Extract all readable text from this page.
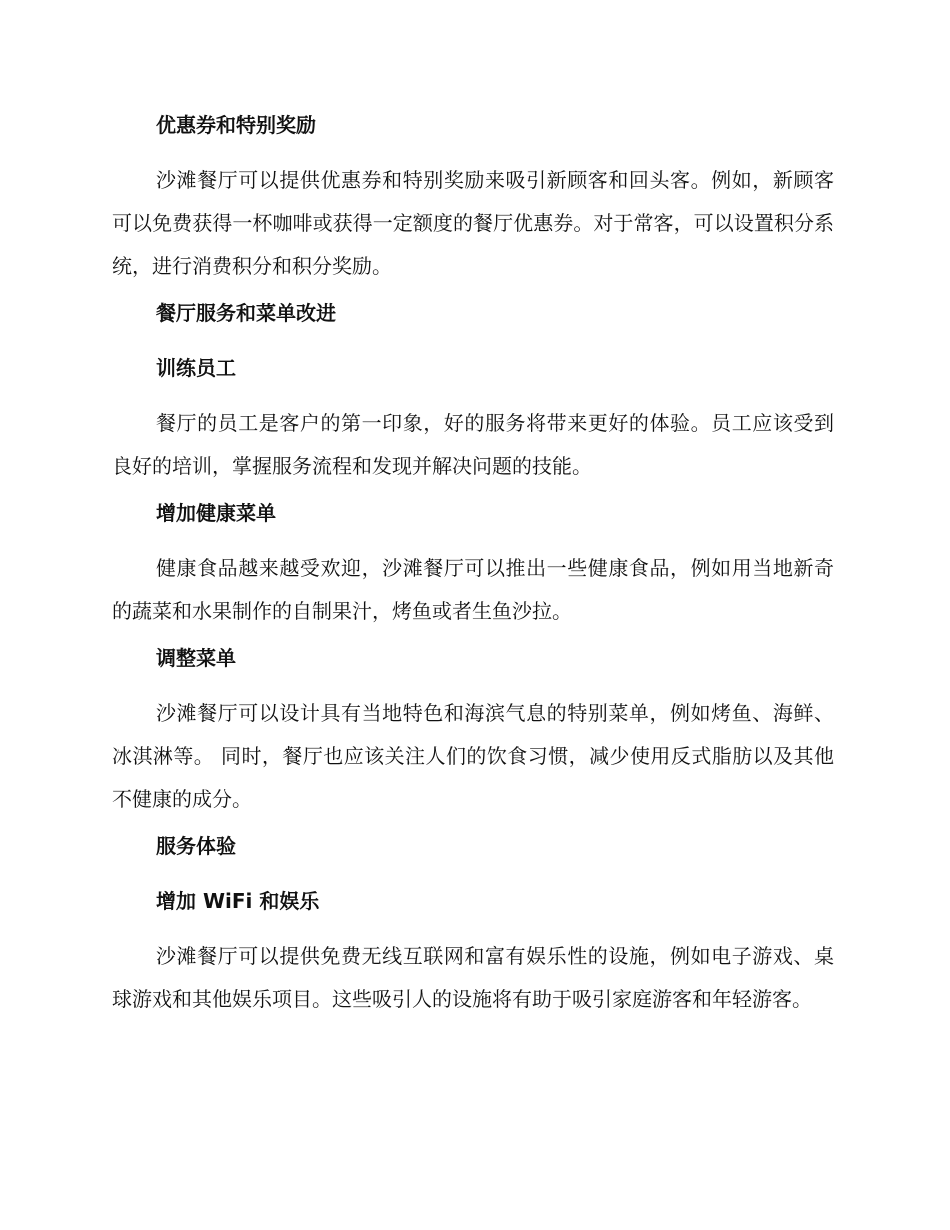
优惠券和特别奖励

沙滩餐厅可以提供优惠券和特别奖励来吸引新顾客和回头客。例如，新顾客可以免费获得一杯咖啡或获得一定额度的餐厅优惠券。对于常客，可以设置积分系统，进行消费积分和积分奖励。

餐厅服务和菜单改进
训练员工

餐厅的员工是客户的第一印象，好的服务将带来更好的体验。员工应该受到良好的培训，掌握服务流程和发现并解决问题的技能。

增加健康菜单

健康食品越来越受欢迎，沙滩餐厅可以推出一些健康食品，例如用当地新奇的蔬菜和水果制作的自制果汁，烤鱼或者生鱼沙拉。

调整菜单

沙滩餐厅可以设计具有当地特色和海滨气息的特别菜单，例如烤鱼、海鲜、冰淇淋等。 同时，餐厅也应该关注人们的饮食习惯，减少使用反式脂肪以及其他不健康的成分。

服务体验
增加 WiFi 和娱乐

沙滩餐厅可以提供免费无线互联网和富有娱乐性的设施，例如电子游戏、桌球游戏和其他娱乐项目。这些吸引人的设施将有助于吸引家庭游客和年轻游客。
